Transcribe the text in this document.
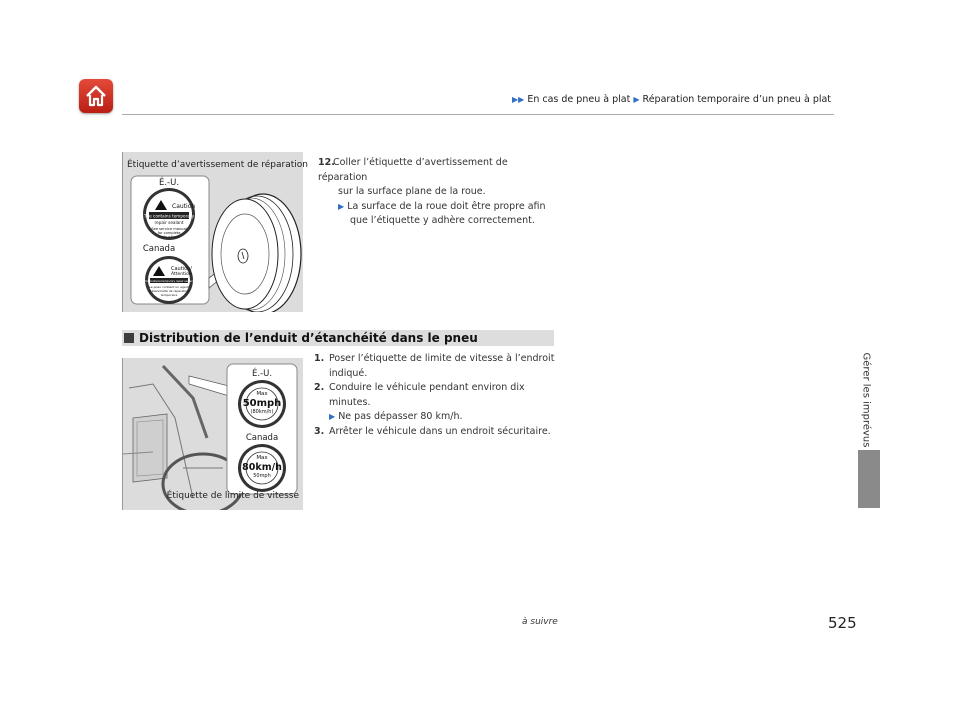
▶▶ En cas de pneu à plat ▶ Réparation temporaire d’un pneu à plat
Gérer les imprévus
Étiquette d’avertissement de réparation
Caution
Tire contains temporary
repair sealant
See service manual
for complete
instructions
É.-U.
Canada
Caution/
Attention
Tire contains temporary repair sealant
Le pneu contient un agent
d’étanchéité de réparation
temporaire
12.Coller l’étiquette d’avertissement de réparation
sur la surface plane de la roue.
▶ La surface de la roue doit être propre afin
que l’étiquette y adhère correctement.
Distribution de l’enduit d’étanchéité dans le pneu
É.-U.
Max
50mph
(80km/h)
Canada
Max
80km/h
50mph
Étiquette de limite de vitesse
1. Poser l’étiquette de limite de vitesse à l’endroit
indiqué.
2. Conduire le véhicule pendant environ dix
minutes.
▶ Ne pas dépasser 80 km/h.
3. Arrêter le véhicule dans un endroit sécuritaire.
à suivre	525
